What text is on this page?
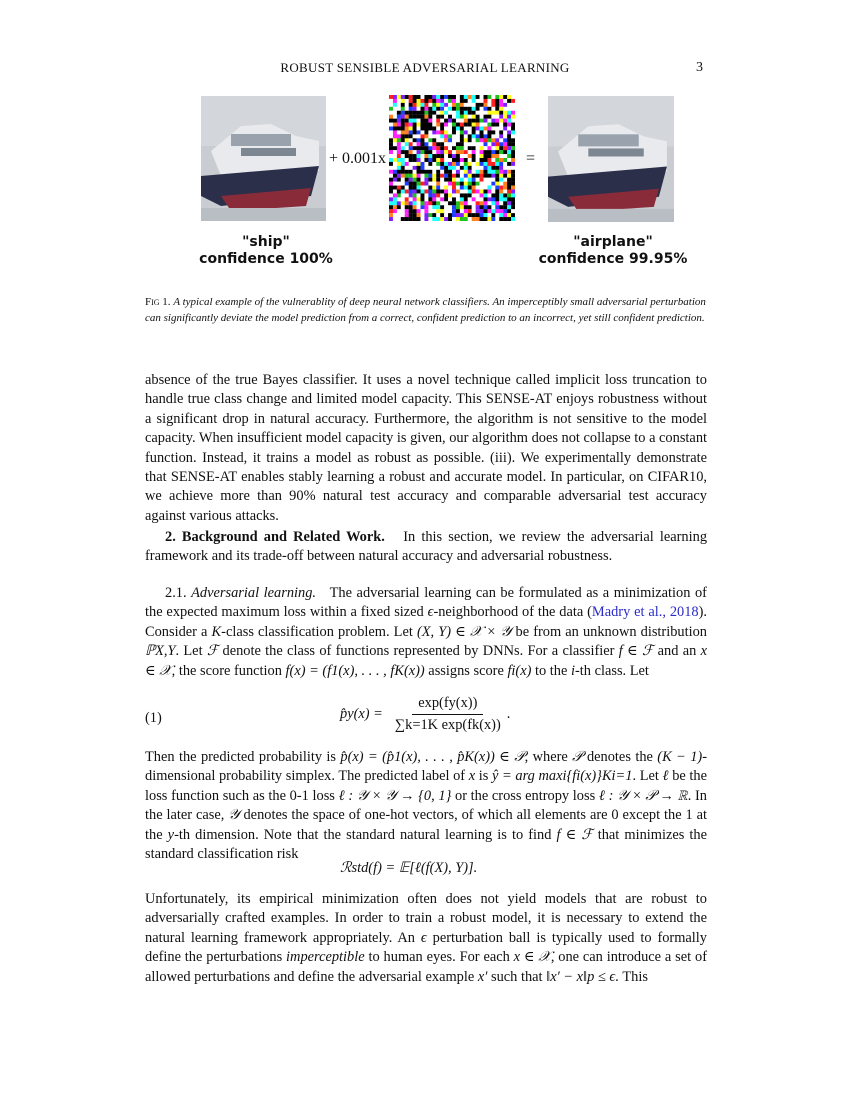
ROBUST SENSIBLE ADVERSARIAL LEARNING	3
+ 0.001x	=
"ship"
confidence 100%
"airplane"
confidence 99.95%
Fig 1. A typical example of the vulnerablity of deep neural network classifiers. An imperceptibly small adversarial perturbation can significantly deviate the model prediction from a correct, confident prediction to an incorrect, yet still confident prediction.
absence of the true Bayes classifier. It uses a novel technique called implicit loss truncation to handle true class change and limited model capacity. This SENSE-AT enjoys robustness without a significant drop in natural accuracy. Furthermore, the algorithm is not sensitive to the model capacity. When insufficient model capacity is given, our algorithm does not collapse to a constant function. Instead, it trains a model as robust as possible. (iii). We experimentally demonstrate that SENSE-AT enables stably learning a robust and accurate model. In particular, on CIFAR10, we achieve more than 90% natural test accuracy and comparable adversarial test accuracy against various attacks.
2. Background and Related Work. In this section, we review the adversarial learning framework and its trade-off between natural accuracy and adversarial robustness.
2.1. Adversarial learning. The adversarial learning can be formulated as a minimization of the expected maximum loss within a fixed sized ϵ-neighborhood of the data (Madry et al., 2018). Consider a K-class classification problem. Let (X, Y) ∈ 𝒳 × 𝒴 be from an unknown distribution ℙX,Y. Let ℱ denote the class of functions represented by DNNs. For a classifier f ∈ ℱ and an x ∈ 𝒳, the score function f(x) = (f1(x), . . . , fK(x)) assigns score fi(x) to the i-th class. Let
(1)	p̂y(x) = $\frac{\exp(fy(x))}{\text{∑k=1K exp(fk(x))}}$ .
Then the predicted probability is p̂(x) = (p̂1(x), . . . , p̂K(x)) ∈ 𝒫, where 𝒫 denotes the (K − 1)-dimensional probability simplex. The predicted label of x is ŷ = arg maxi{fi(x)}Ki=1. Let ℓ be the loss function such as the 0-1 loss ℓ : 𝒴 × 𝒴 → {0, 1} or the cross entropy loss ℓ : 𝒴 × 𝒫 → ℝ. In the later case, 𝒴 denotes the space of one-hot vectors, of which all elements are 0 except the 1 at the y-th dimension. Note that the standard natural learning is to find f ∈ ℱ that minimizes the standard classification risk
ℛstd(f) = 𝔼[ℓ(f(X), Y)].
Unfortunately, its empirical minimization often does not yield models that are robust to adversarially crafted examples. In order to train a robust model, it is necessary to extend the natural learning framework appropriately. An ϵ perturbation ball is typically used to formally define the perturbations imperceptible to human eyes. For each x ∈ 𝒳, one can introduce a set of allowed perturbations and define the adversarial example x′ such that ‖x′ − x‖p ≤ ϵ. This
